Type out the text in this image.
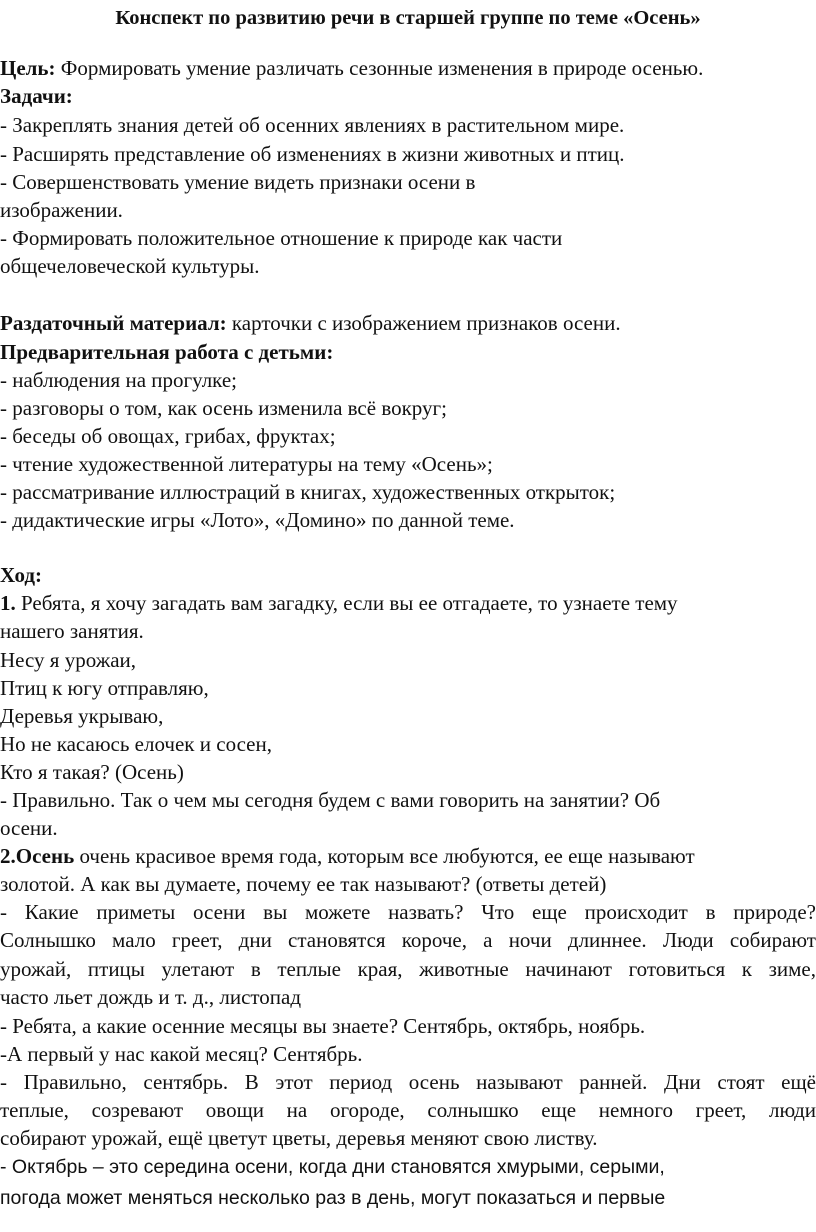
Конспект по развитию речи в старшей группе по теме «Осень»
Цель: Формировать умение различать сезонные изменения в природе осенью.
Задачи:
- Закреплять знания детей об осенних явлениях в растительном мире.
- Расширять представление об изменениях в жизни животных и птиц.
- Совершенствовать умение видеть признаки осени в
изображении.
- Формировать положительное отношение к природе как части
общечеловеческой культуры.
Раздаточный материал: карточки с изображением признаков осени.
Предварительная работа с детьми:
- наблюдения на прогулке;
- разговоры о том, как осень изменила всё вокруг;
- беседы об овощах, грибах, фруктах;
- чтение художественной литературы на тему «Осень»;
- рассматривание иллюстраций в книгах, художественных открыток;
- дидактические игры «Лото», «Домино» по данной теме.
Ход:
1. Ребята, я хочу загадать вам загадку, если вы ее отгадаете, то узнаете тему
нашего занятия.
Несу я урожаи,
Птиц к югу отправляю,
Деревья укрываю,
Но не касаюсь елочек и сосен,
Кто я такая? (Осень)
- Правильно. Так о чем мы сегодня будем с вами говорить на занятии? Об
осени.
2.Осень очень красивое время года, которым все любуются, ее еще называют
золотой. А как вы думаете, почему ее так называют? (ответы детей)
- Какие приметы осени вы можете назвать? Что еще происходит в природе?
Солнышко мало греет, дни становятся короче, а ночи длиннее. Люди собирают
урожай, птицы улетают в теплые края, животные начинают готовиться к зиме,
часто льет дождь и т. д., листопад
- Ребята, а какие осенние месяцы вы знаете? Сентябрь, октябрь, ноябрь.
-А первый у нас какой месяц? Сентябрь.
- Правильно, сентябрь. В этот период осень называют ранней. Дни стоят ещё
теплые, созревают овощи на огороде, солнышко еще немного греет, люди
собирают урожай, ещё цветут цветы, деревья меняют свою листву.
- Октябрь – это середина осени, когда дни становятся хмурыми, серыми,
погода может меняться несколько раз в день, могут показаться и первые
